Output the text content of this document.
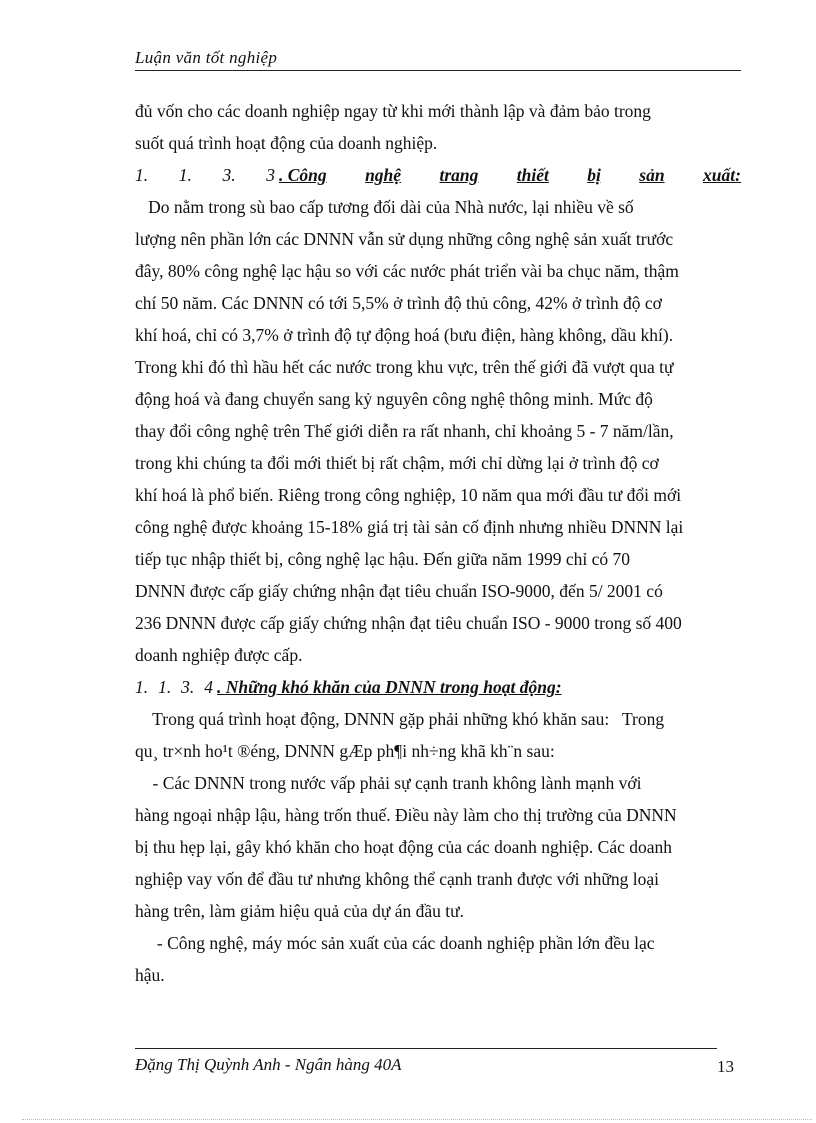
Luận văn tốt nghiệp
đủ vốn cho các doanh nghiệp ngay từ khi mới thành lập và đảm bảo trong
suốt quá trình hoạt động của doanh nghiệp.
1. 1. 3. 3 . Công nghệ trang thiết bị sản xuất:
Do nằm trong sù bao cấp tương đối dài của Nhà nước, lại nhiều về số
lượng nên phần lớn các DNNN vẫn sử dụng những công nghệ sản xuất trước
đây, 80% công nghệ lạc hậu so với các nước phát triển vài ba chục năm, thậm
chí 50 năm. Các DNNN có tới 5,5% ở trình độ thủ công, 42% ở trình độ cơ
khí hoá, chỉ có 3,7% ở trình độ tự động hoá (bưu điện, hàng không, dầu khí).
Trong khi đó thì hầu hết các nước trong khu vực, trên thế giới đã vượt qua tự
động hoá và đang chuyển sang kỷ nguyên công nghệ thông minh. Mức độ
thay đổi công nghệ trên Thế giới diễn ra rất nhanh, chỉ khoảng 5 - 7 năm/lần,
trong khi chúng ta đổi mới thiết bị rất chậm, mới chỉ dừng lại ở trình độ cơ
khí hoá là phổ biến. Riêng trong công nghiệp, 10 năm qua mới đầu tư đổi mới
công nghệ được khoảng 15-18% giá trị tài sản cố định nhưng nhiều DNNN lại
tiếp tục nhập thiết bị, công nghệ lạc hậu. Đến giữa năm 1999 chỉ có 70
DNNN được cấp giấy chứng nhận đạt tiêu chuẩn ISO-9000, đến 5/ 2001 có
236 DNNN được cấp giấy chứng nhận đạt tiêu chuẩn ISO - 9000 trong số 400
doanh nghiệp được cấp.
1. 1. 3. 4 . Những khó khăn của DNNN trong hoạt động:
Trong quá trình hoạt động, DNNN gặp phải những khó khăn sau:   Trong
qu¸ tr×nh ho¹t ®éng, DNNN gÆp ph¶i nh÷ng khã kh¨n sau:
- Các DNNN trong nước vấp phải sự cạnh tranh không lành mạnh với
hàng ngoại nhập lậu, hàng trốn thuế. Điều này làm cho thị trường của DNNN
bị thu hẹp lại, gây khó khăn cho hoạt động của các doanh nghiệp. Các doanh
nghiệp vay vốn để đầu tư nhưng không thể cạnh tranh được với những loại
hàng trên, làm giảm hiệu quả của dự án đầu tư.
- Công nghệ, máy móc sản xuất của các doanh nghiệp phần lớn đều lạc
hậu.
Đặng Thị Quỳnh Anh - Ngân hàng 40A	13
